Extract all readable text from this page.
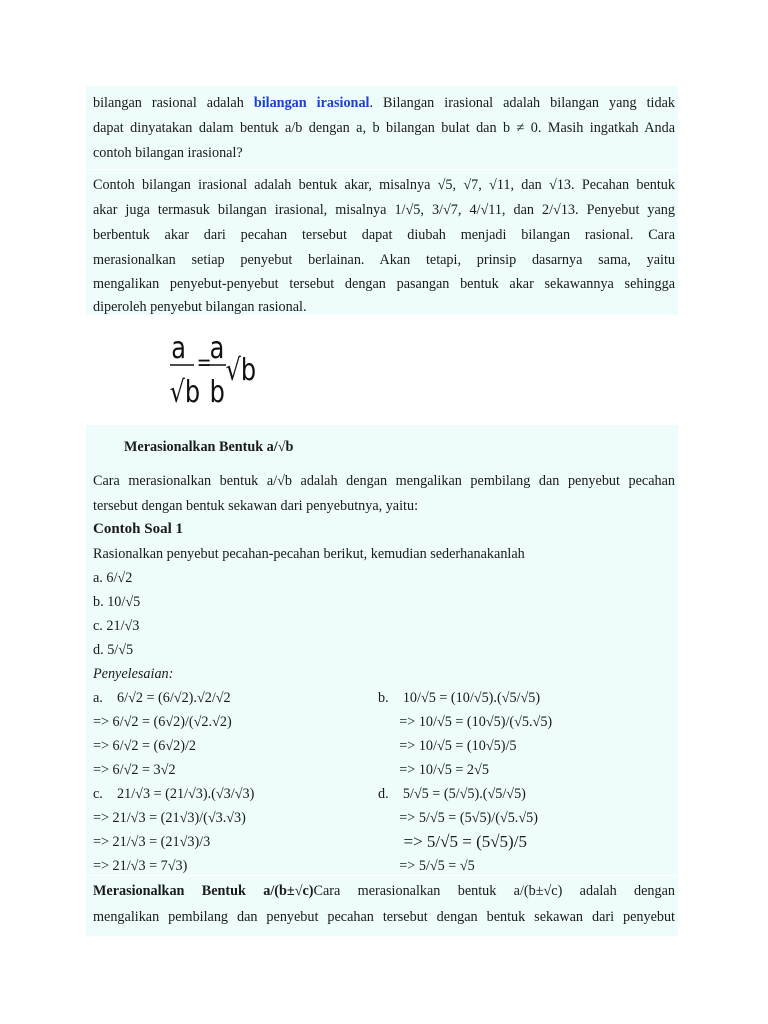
bilangan rasional adalah bilangan irasional. Bilangan irasional adalah bilangan yang tidak
dapat dinyatakan dalam bentuk a/b dengan a, b bilangan bulat dan b ≠ 0. Masih ingatkah Anda
contoh bilangan irasional?
Contoh bilangan irasional adalah bentuk akar, misalnya √5, √7, √11, dan √13. Pecahan bentuk
akar juga termasuk bilangan irasional, misalnya 1/√5, 3/√7, 4/√11, dan 2/√13. Penyebut yang
berbentuk akar dari pecahan tersebut dapat diubah menjadi bilangan rasional. Cara
merasionalkan setiap penyebut berlainan. Akan tetapi, prinsip dasarnya sama, yaitu
mengalikan penyebut-penyebut tersebut dengan pasangan bentuk akar sekawannya sehingga
diperoleh penyebut bilangan rasional.
a
√b
=
a
b
√b
Merasionalkan Bentuk a/√b
Cara merasionalkan bentuk a/√b adalah dengan mengalikan pembilang dan penyebut pecahan
tersebut dengan bentuk sekawan dari penyebutnya, yaitu:
Contoh Soal 1
Rasionalkan penyebut pecahan-pecahan berikut, kemudian sederhanakanlah
a. 6/√2
b. 10/√5
c. 21/√3
d. 5/√5
Penyelesaian:
a.    6/√2 = (6/√2).√2/√2
=> 6/√2 = (6√2)/(√2.√2)
=> 6/√2 = (6√2)/2
=> 6/√2 = 3√2
c.    21/√3 = (21/√3).(√3/√3)
=> 21/√3 = (21√3)/(√3.√3)
=> 21/√3 = (21√3)/3
=> 21/√3 = 7√3)
b.    10/√5 = (10/√5).(√5/√5)
=> 10/√5 = (10√5)/(√5.√5)
=> 10/√5 = (10√5)/5
=> 10/√5 = 2√5
d.    5/√5 = (5/√5).(√5/√5)
=> 5/√5 = (5√5)/(√5.√5)
=> 5/√5 = (5√5)/5
=> 5/√5 = √5
Merasionalkan Bentuk a/(b±√c)Cara merasionalkan bentuk a/(b±√c) adalah dengan
mengalikan pembilang dan penyebut pecahan tersebut dengan bentuk sekawan dari penyebut
